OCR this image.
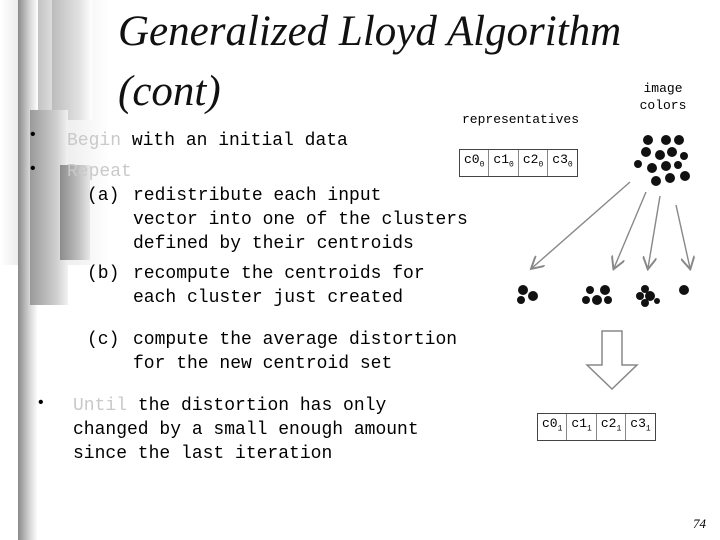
Generalized Lloyd Algorithm
(cont)
• Begin with an initial data
• Repeat
(a) redistribute each input
vector into one of the clusters
defined by their centroids
(b) recompute the centroids for
each cluster just created
(c) compute the average distortion
for the new centroid set
• Until the distortion has only
changed by a small enough amount
since the last iteration
image
colors
representatives
$c0_0$ $c1_0$ $c2_0$ $c3_0$
$c0_1$ $c1_1$ $c2_1$ $c3_1$
74
